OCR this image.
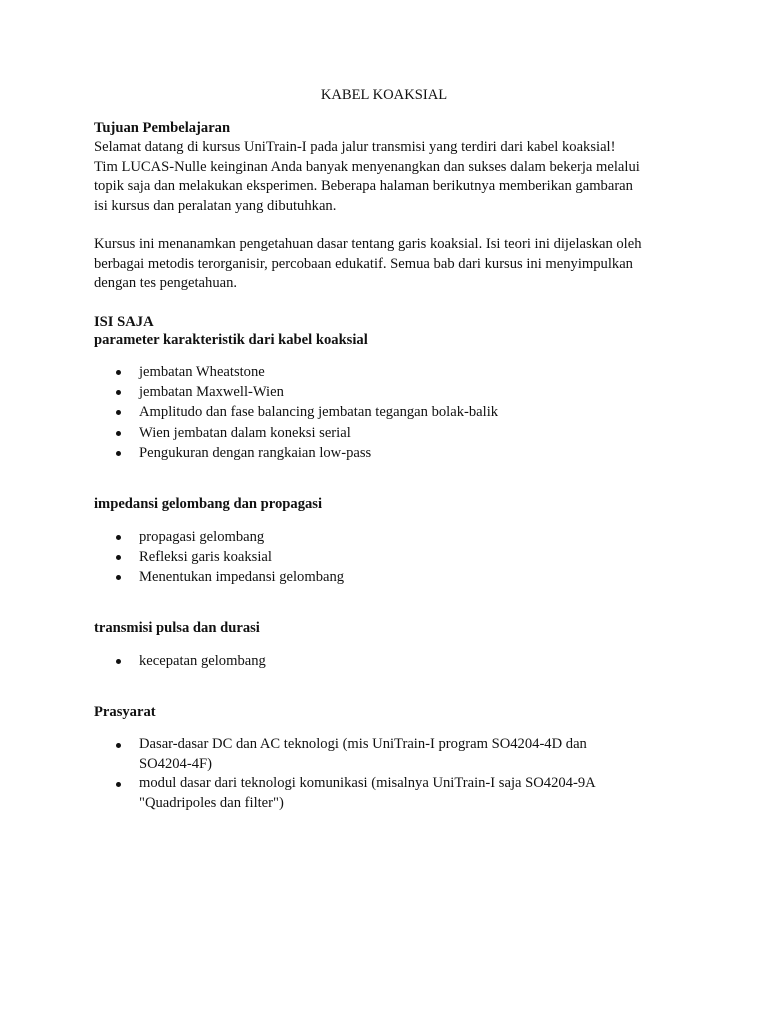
KABEL KOAKSIAL
Tujuan Pembelajaran
Selamat datang di kursus UniTrain-I pada jalur transmisi yang terdiri dari kabel koaksial!
Tim LUCAS-Nulle keinginan Anda banyak menyenangkan dan sukses dalam bekerja melalui
topik saja dan melakukan eksperimen. Beberapa halaman berikutnya memberikan gambaran
isi kursus dan peralatan yang dibutuhkan.
Kursus ini menanamkan pengetahuan dasar tentang garis koaksial. Isi teori ini dijelaskan oleh
berbagai metodis terorganisir, percobaan edukatif. Semua bab dari kursus ini menyimpulkan
dengan tes pengetahuan.
ISI SAJA
parameter karakteristik dari kabel koaksial
jembatan Wheatstone
jembatan Maxwell-Wien
Amplitudo dan fase balancing jembatan tegangan bolak-balik
Wien jembatan dalam koneksi serial
Pengukuran dengan rangkaian low-pass
impedansi gelombang dan propagasi
propagasi gelombang
Refleksi garis koaksial
Menentukan impedansi gelombang
transmisi pulsa dan durasi
kecepatan gelombang
Prasyarat
Dasar-dasar DC dan AC teknologi (mis UniTrain-I program SO4204-4D dan
SO4204-4F)
modul dasar dari teknologi komunikasi (misalnya UniTrain-I saja SO4204-9A
"Quadripoles dan filter")
